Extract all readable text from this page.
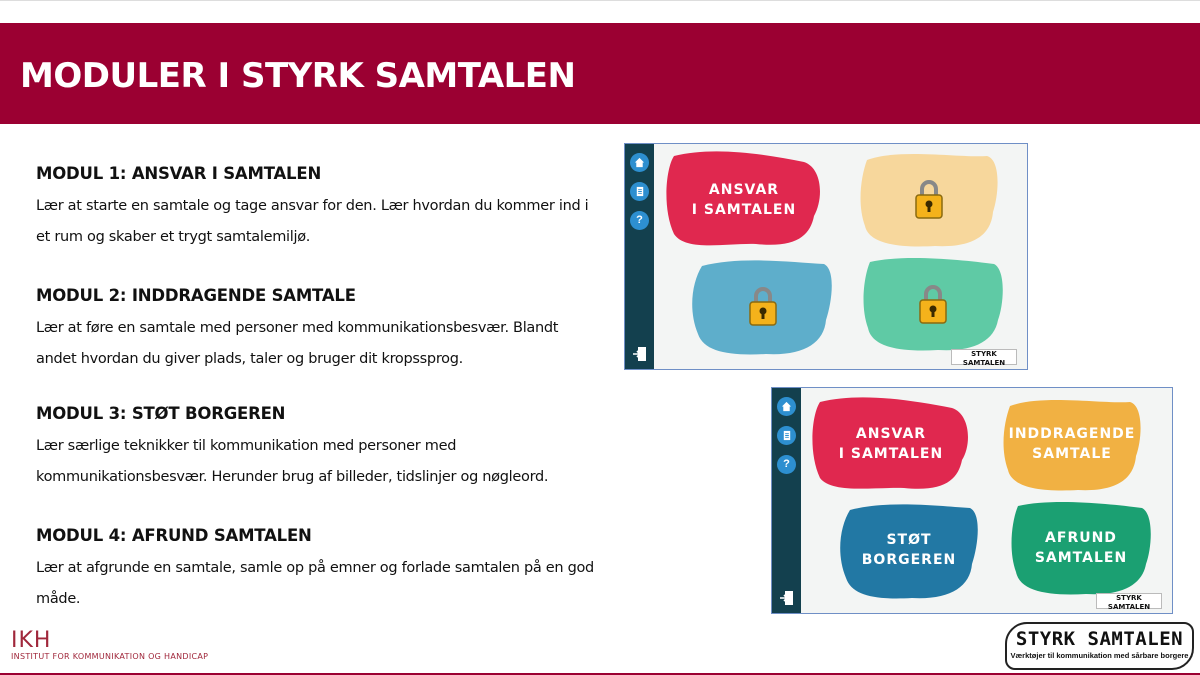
MODULER I STYRK SAMTALEN
MODUL 1: ANSVAR I SAMTALEN

Lær at starte en samtale og tage ansvar for den. Lær hvordan du kommer ind i et rum og skaber et trygt samtalemiljø.

MODUL 2: INDDRAGENDE SAMTALE

Lær at føre en samtale med personer med kommunikationsbesvær. Blandt andet hvordan du giver plads, taler og bruger dit kropssprog.

MODUL 3: STØT BORGEREN

Lær særlige teknikker til kommunikation med personer med kommunikationsbesvær. Herunder brug af billeder, tidslinjer og nøgleord.

MODUL 4: AFRUND SAMTALEN

Lær at afgrunde en samtale, samle op på emner og forlade samtalen på en god måde.

?
ANSVAR
I SAMTALEN
STYRK SAMTALEN

?
ANSVAR
I SAMTALEN
INDDRAGENDE
SAMTALE
STØT
BORGEREN
AFRUND
SAMTALEN
STYRK SAMTALEN

IKH
INSTITUT FOR KOMMUNIKATION OG HANDICAP
STYRK SAMTALEN
Værktøjer til kommunikation med sårbare borgere
